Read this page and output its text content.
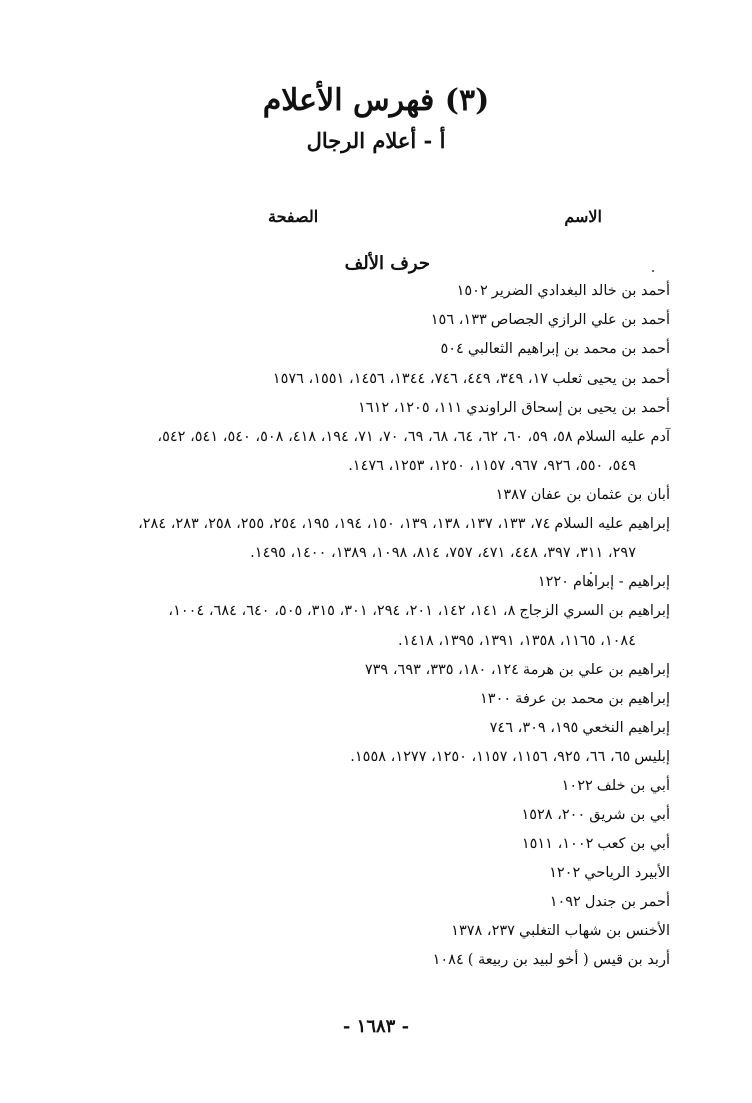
(٣) فهرس الأعلام
أ - أعلام الرجال
الاسم
الصفحة
حرف الألف
أحمد بن خالد البغدادي الضرير١٥٠٢
أحمد بن علي الرازي الجصاص١٣٣، ١٥٦
أحمد بن محمد بن إبراهيم الثعالبي٥٠٤
أحمد بن يحيى ثعلب١٧، ٣٤٩، ٤٤٩، ٧٤٦، ١٣٤٤، ١٤٥٦، ١٥٥١، ١٥٧٦
أحمد بن يحيى بن إسحاق الراوندي١١١، ١٢٠٥، ١٦١٢
آدم عليه السلام٥٨، ٥٩، ٦٠، ٦٢، ٦٤، ٦٨، ٦٩، ٧٠، ٧١، ١٩٤، ٤١٨، ٥٠٨، ٥٤٠، ٥٤١، ٥٤٢،
٥٤٩، ٥٥٠، ٩٢٦، ٩٦٧، ١١٥٧، ١٢٥٠، ١٢٥٣، ١٤٧٦.
أبان بن عثمان بن عفان١٣٨٧
إبراهيم عليه السلام٧٤، ١٣٣، ١٣٧، ١٣٨، ١٣٩، ١٥٠، ١٩٤، ١٩٥، ٢٥٤، ٢٥٥، ٢٥٨، ٢٨٣، ٢٨٤،
٢٩٧، ٣١١، ٣٩٧، ٤٤٨، ٤٧١، ٧٥٧، ٨١٤، ١٠٩٨، ١٣٨٩، ١٤٠٠، ١٤٩٥.
إبراهيم - إبراهام١٢٢٠
إبراهيم بن السري الزجاج٨، ١٤١، ١٤٢، ٢٠١، ٢٩٤، ٣٠١، ٣١٥، ٥٠٥، ٦٤٠، ٦٨٤، ١٠٠٤،
١٠٨٤، ١١٦٥، ١٣٥٨، ١٣٩١، ١٣٩٥، ١٤١٨.
إبراهيم بن علي بن هرمة١٢٤، ١٨٠، ٣٣٥، ٦٩٣، ٧٣٩
إبراهيم بن محمد بن عرفة١٣٠٠
إبراهيم النخعي١٩٥، ٣٠٩، ٧٤٦
إبليس٦٥، ٦٦، ٩٢٥، ١١٥٦، ١١٥٧، ١٢٥٠، ١٢٧٧، ١٥٥٨.
أبي بن خلف١٠٢٢
أبي بن شريق٢٠٠، ١٥٢٨
أبي بن كعب١٠٠٢، ١٥١١
الأبيرد الرياحي١٢٠٢
أحمر بن جندل١٠٩٢
الأخنس بن شهاب التغلبي٢٣٧، ١٣٧٨
أربد بن قيس ( أخو لبيد بن ربيعة )١٠٨٤
- ١٦٨٣ -
